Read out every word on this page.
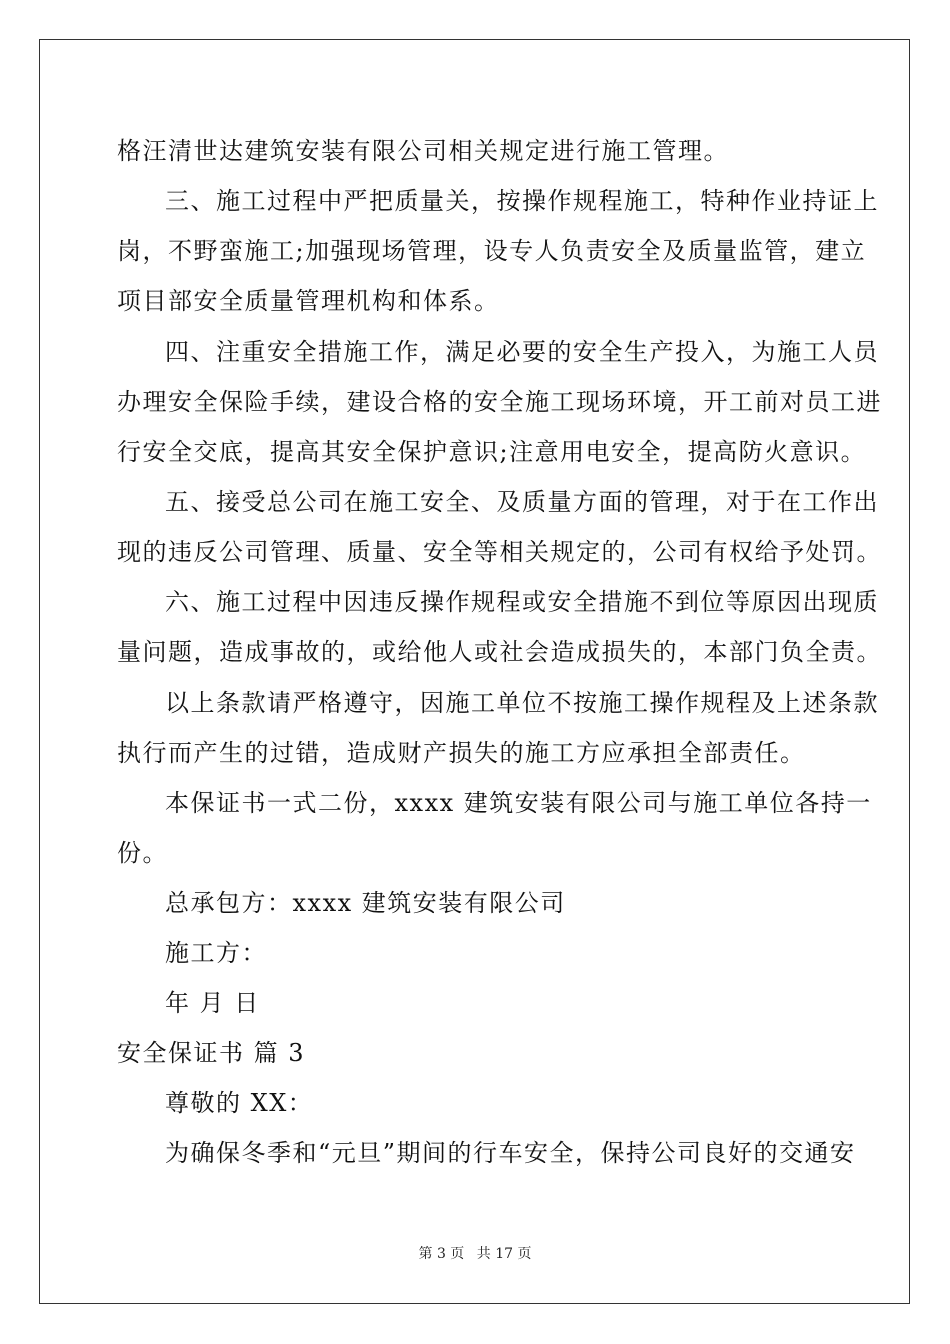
格汪清世达建筑安装有限公司相关规定进行施工管理。
三、施工过程中严把质量关，按操作规程施工，特种作业持证上
岗，不野蛮施工;加强现场管理，设专人负责安全及质量监管，建立
项目部安全质量管理机构和体系。
四、注重安全措施工作，满足必要的安全生产投入，为施工人员
办理安全保险手续，建设合格的安全施工现场环境，开工前对员工进
行安全交底，提高其安全保护意识;注意用电安全，提高防火意识。
五、接受总公司在施工安全、及质量方面的管理，对于在工作出
现的违反公司管理、质量、安全等相关规定的，公司有权给予处罚。
六、施工过程中因违反操作规程或安全措施不到位等原因出现质
量问题，造成事故的，或给他人或社会造成损失的，本部门负全责。
以上条款请严格遵守，因施工单位不按施工操作规程及上述条款
执行而产生的过错，造成财产损失的施工方应承担全部责任。
本保证书一式二份，xxxx 建筑安装有限公司与施工单位各持一
份。
总承包方：xxxx 建筑安装有限公司
施工方：
年 月 日
安全保证书 篇 3
尊敬的 XX：
为确保冬季和“元旦”期间的行车安全，保持公司良好的交通安
第 3 页 共 17 页
